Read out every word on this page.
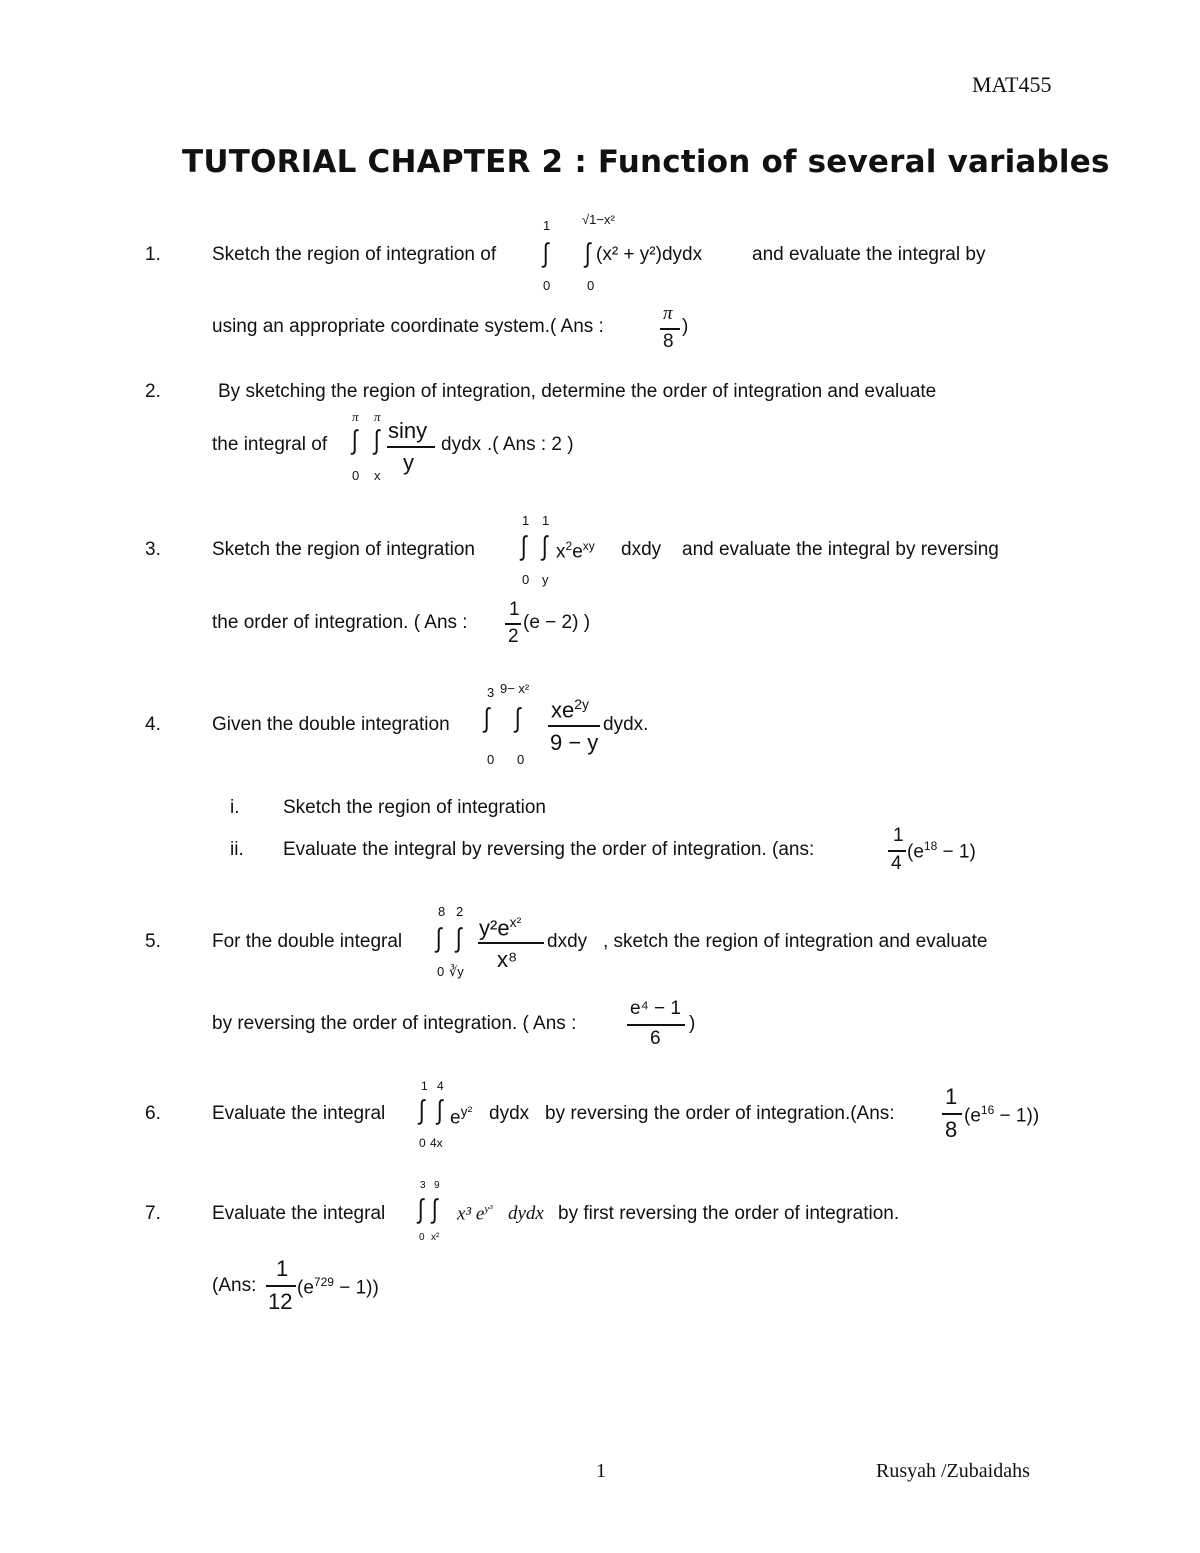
MAT455
TUTORIAL CHAPTER 2 : Function of several variables
1.	Sketch the region of integration of
1
∫
0
√1−x²
∫
0
(x² + y²)dydx	and evaluate the integral by
using an appropriate coordinate system.( Ans :
π
8
)
2.	By sketching the region of integration, determine the order of integration and evaluate
the integral of
π
∫
0
π
∫
x
siny
y
dydx .( Ans : 2 )
3.	Sketch the region of integration
1
∫
0
1
∫
y
$x^2e^{xy}$ dxdy and evaluate the integral by reversing
the order of integration. ( Ans :
1
2
(e − 2) )
4.	Given the double integration
3
∫
0
9− x²
∫
0
$xe^{2y}$
9 − y
dydx.
i. Sketch the region of integration
ii. Evaluate the integral by reversing the order of integration. (ans:
1
4
$(e^{18} - 1)$
5.	For the double integral
8
∫
0
2
∫
∛y
$y^2e^{x^2}$
x⁸
dxdy , sketch the region of integration and evaluate
by reversing the order of integration. ( Ans :
e⁴ − 1
6
)
6.	Evaluate the integral
1
∫
0
4
∫
4x
$e^{y^2}$ dydx by reversing the order of integration.(Ans:
1
8
$(e^{16} - 1)$)
7.	Evaluate the integral
3
∫
0
9
∫
x²
x³ $e^{y^3}$ dydx by first reversing the order of integration.
(Ans:
1
12
$(e^{729} - 1)$)
1	Rusyah /Zubaidahs
